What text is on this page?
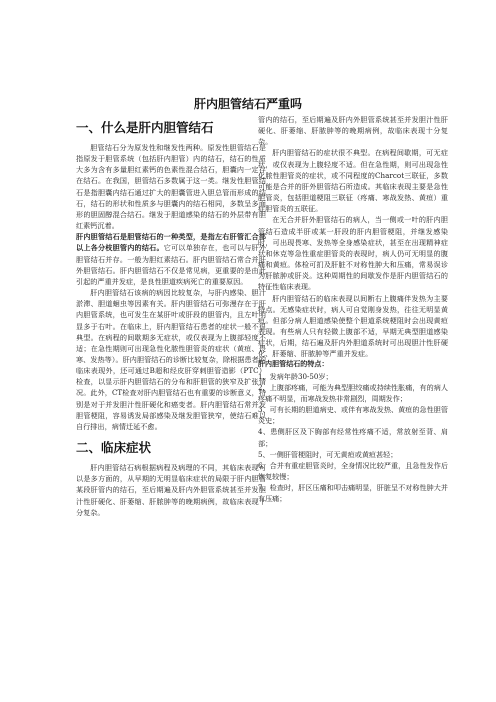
肝内胆管结石严重吗
一、什么是肝内胆管结石

胆管结石分为原发性和继发性两种。原发性胆管结石是指原发于胆管系统（包括肝内胆管）内的结石，结石的性质大多为含有多量胆红素钙的色素性混合结石，胆囊内一定存在结石。在我国，胆管结石多数属于这一类。继发性胆管结石是指胆囊内结石通过扩大的胆囊管进入胆总管而形成的结石，结石的形状和性质多与胆囊内的结石相同，多数呈多面形的胆固醇混合结石。继发于胆道感染的结石的外层带有胆红素钙沉着。

肝内胆管结石是胆管结石的一种类型，是指左右肝管汇合部以上各分枝胆管内的结石。它可以单独存在，也可以与肝外胆管结石并存。一般为胆红素结石。肝内胆管结石常合并肝外胆管结石。肝内胆管结石不仅是常见病，更重要的是由此引起的严重并发症，是良性胆道疾病死亡的重要原因。

肝内胆管结石该病的病因比较复杂，与肝内感染、胆汁淤滞、胆道蛔虫等因素有关。肝内胆管结石可弥漫存在于肝内胆管系统，也可发生在某肝叶或肝段的胆管内，且左叶明显多于右叶。在临床上，肝内胆管结石患者的症状一般不很典型。在病程的间歇期多无症状，或仅表现为上腹部轻度不适；在急性期则可出现急性化脓性胆管炎的症状（黄疸、畏寒、发热等）。肝内胆管结石的诊断比较复杂，除根据患者的临床表现外，还可通过B超和经皮肝穿刺胆管造影（PTC）检查，以显示肝内胆管结石的分布和肝胆管的狭窄及扩张情况。此外，CT检查对肝内胆管结石也有重要的诊断意义，特别是对于并发胆汁性肝硬化和癌变者。肝内胆管结石常并发胆管梗阻，容易诱发局部感染及继发胆管狭窄，使结石难以自行排出，病情迁延不愈。

二、临床症状

肝内胆管结石病根据病程及病理的不同，其临床表现可以是多方面的，从早期的无明显临床症状的局限于肝内胆管某段肝管内的结石，至后期遍及肝内外胆管系统甚至并发胆汁性肝硬化、肝萎缩、肝脓肿等的晚期病例，故临床表现十分复杂。

管内的结石，至后期遍及肝内外胆管系统甚至并发胆汁性肝硬化、肝萎缩、肝脓肿等的晚期病例，故临床表现十分复杂。

肝内胆管结石的症状很不典型。在病程间歇期，可无症状，或仅表现为上腹轻度不适。但在急性期，则可出现急性化脓性胆管炎的症状，或不同程度的Charcot三联征，多数可能是合并的肝外胆管结石所造成。其临床表现主要是急性胆管炎，包括胆道梗阻三联征（疼痛、寒战发热、黄疸）重症胆管炎的五联征。

在无合并肝外胆管结石的病人，当一侧或一叶的肝内胆管结石造成半肝或某一肝段的肝内胆管梗阻，并继发感染时，可出现畏寒、发热等全身感染症状，甚至在出现精神症状和休克等急性重症胆管炎的表现时，病人仍可无明显的腹痛和黄疸。体检可扪及肝脏不对称性肿大和压痛，常易误诊为肝脓肿或肝炎。这种周期性的间歇发作是肝内胆管结石的特征性临床表现。

肝内胆管结石的临床表现以间断右上腹痛伴发热为主要特点。无感染症状时，病人可自觉刚身发热，往往无明显黄疸。但部分病人胆道感染使整个胆道系统梗阻时会出现黄疸表现。有些病人只有轻微上腹部不适，早期无典型胆道感染症状，后期，结石遍及肝内外胆道系统时可出现胆汁性肝硬化、肝萎缩、肝脓肿等严重并发症。

肝内胆管结石的特点：

1、发病年龄30-50岁；
2、上腹部疼痛，可能为典型胆绞痛或持续性胀痛，有的病人疼痛不明显，而寒战发热非常剧烈，周期发作；
3、可有长期的胆道病史、或伴有寒战发热、黄疸的急性胆管炎史；
4、患侧肝区及下胸部有经常性疼痛不适，常放射至背、肩部；
5、一侧肝管梗阻时，可无黄疸或黄疸甚轻；
6、合并有重症胆管炎时，全身情况比较严重，且急性发作后恢复较慢；
7、检查时，肝区压痛和叩击痛明显，肝脏呈不对称性肿大并有压痛；
